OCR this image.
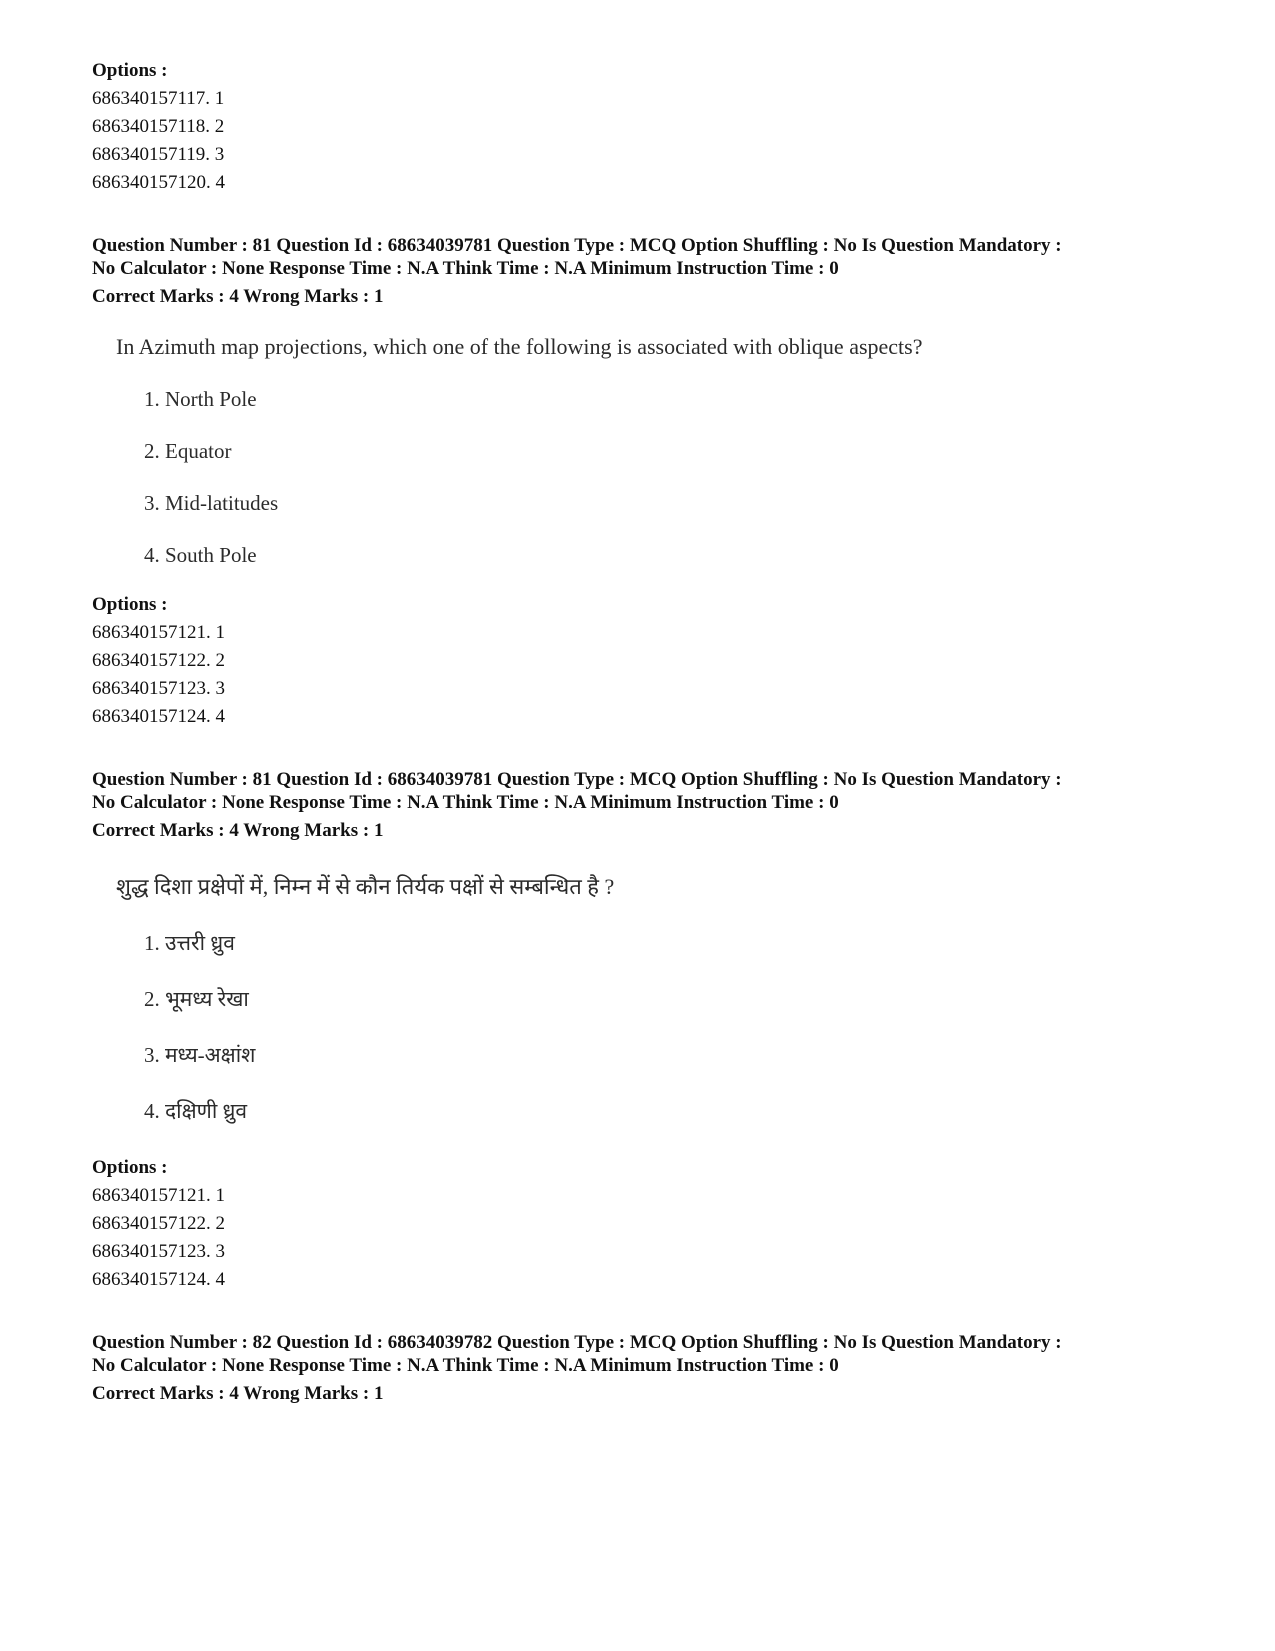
Options :
686340157117. 1
686340157118. 2
686340157119. 3
686340157120. 4
Question Number : 81 Question Id : 68634039781 Question Type : MCQ Option Shuffling : No Is Question Mandatory :
No Calculator : None Response Time : N.A Think Time : N.A Minimum Instruction Time : 0
Correct Marks : 4 Wrong Marks : 1
In Azimuth map projections, which one of the following is associated with oblique aspects?
1. North Pole
2. Equator
3. Mid-latitudes
4. South Pole
Options :
686340157121. 1
686340157122. 2
686340157123. 3
686340157124. 4
Question Number : 81 Question Id : 68634039781 Question Type : MCQ Option Shuffling : No Is Question Mandatory :
No Calculator : None Response Time : N.A Think Time : N.A Minimum Instruction Time : 0
Correct Marks : 4 Wrong Marks : 1
शुद्ध दिशा प्रक्षेपों में, निम्न में से कौन तिर्यक पक्षों से सम्बन्धित है ?
1. उत्तरी ध्रुव
2. भूमध्य रेखा
3. मध्य-अक्षांश
4. दक्षिणी ध्रुव
Options :
686340157121. 1
686340157122. 2
686340157123. 3
686340157124. 4
Question Number : 82 Question Id : 68634039782 Question Type : MCQ Option Shuffling : No Is Question Mandatory :
No Calculator : None Response Time : N.A Think Time : N.A Minimum Instruction Time : 0
Correct Marks : 4 Wrong Marks : 1
